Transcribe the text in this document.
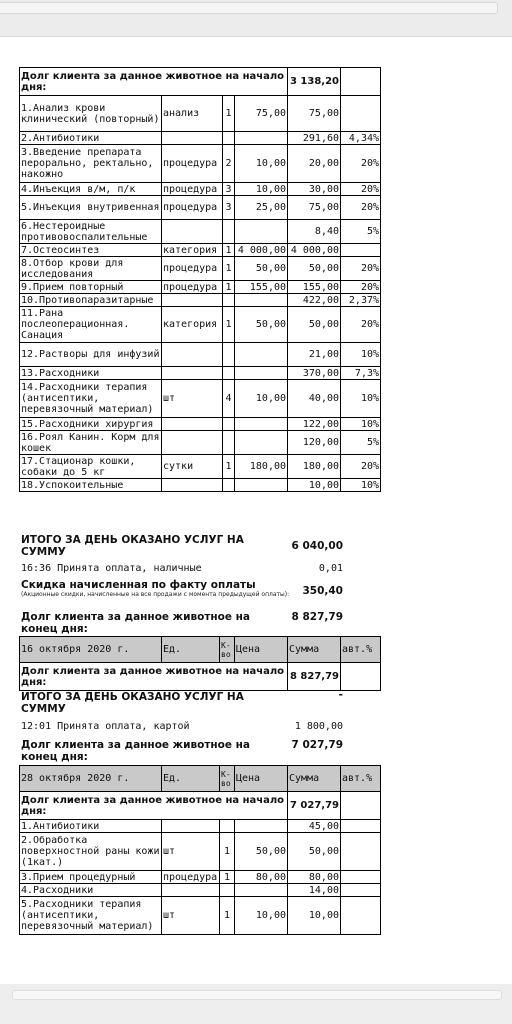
Долг клиента за данное животное на начало дня:				3 138,20	
1.Анализ крови клинический (повторный)	анализ	1	75,00	75,00	
2.Антибиотики				291,60	4,34%
3.Введение препарата перорально, ректально, накожно	процедура	2	10,00	20,00	20%
4.Инъекция в/м, п/к	процедура	3	10,00	30,00	20%
5.Инъекция внутривенная	процедура	3	25,00	75,00	20%
6.Нестероидные противовоспалительные				8,40	5%
7.Остеосинтез	категория	1	4 000,00	4 000,00	
8.Отбор крови для исследования	процедура	1	50,00	50,00	20%
9.Прием повторный	процедура	1	155,00	155,00	20%
10.Противопаразитарные				422,00	2,37%
11.Рана послеоперационная. Санация	категория	1	50,00	50,00	20%
12.Растворы для инфузий				21,00	10%
13.Расходники				370,00	7,3%
14.Расходники терапия (антисептики, перевязочный материал)	шт	4	10,00	40,00	10%
15.Расходники хирургия				122,00	10%
16.Роял Канин. Корм для кошек				120,00	5%
17.Стационар кошки, собаки до 5 кг	сутки	1	180,00	180,00	20%
18.Успокоительные				10,00	10%
ИТОГО ЗА ДЕНЬ ОКАЗАНО УСЛУГ НА СУММУ	6 040,00
16:36 Принята оплата, наличные	0,01
Скидка начисленная по факту оплаты	350,40
(Акционные скидки, начисленные на все продажи с момента предыдущей оплаты):
Долг клиента за данное животное на конец дня:
8 827,79
16 октября 2020 г.	Ед.	К-во	Цена	Сумма	авт.%
Долг клиента за данное животное на начало дня:				8 827,79	
ИТОГО ЗА ДЕНЬ ОКАЗАНО УСЛУГ НА СУММУ
-
12:01 Принята оплата, картой	1 800,00
Долг клиента за данное животное на конец дня:
7 027,79
28 октября 2020 г.	Ед.	К-во	Цена	Сумма	авт.%
Долг клиента за данное животное на начало дня:				7 027,79	
1.Антибиотики				45,00	
2.Обработка поверхностной раны кожи (1кат.)	шт	1	50,00	50,00	
3.Прием процедурный	процедура	1	80,00	80,00	
4.Расходники				14,00	
5.Расходники терапия (антисептики, перевязочный материал)	шт	1	10,00	10,00	
